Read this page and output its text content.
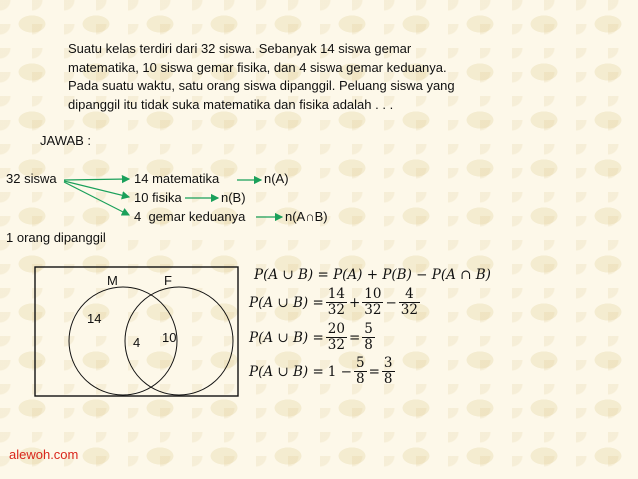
Suatu kelas terdiri dari 32 siswa. Sebanyak 14 siswa gemar
matematika, 10 siswa gemar fisika, dan 4 siswa gemar keduanya.
Pada suatu waktu, satu orang siswa dipanggil. Peluang siswa yang
dipanggil itu tidak suka matematika dan fisika adalah . . .
JAWAB :
32 siswa	14 matematika	n(A)
10 fisika	n(B)
4  gemar keduanya	n(A∩B)
1 orang dipanggil
M	F
14
4 10
P(A ∪ B) = P(A) + P(B) − P(A ∩ B)
P(A ∪ $B) = \frac{14}{32} + \frac{10}{32} - \frac{4}{32}$
P(A ∪ $B) = \frac{20}{32} = \frac{5}{8}$
P(A ∪ $B) = 1 - \frac{5}{8} = \frac{3}{8}$
alewoh.com
